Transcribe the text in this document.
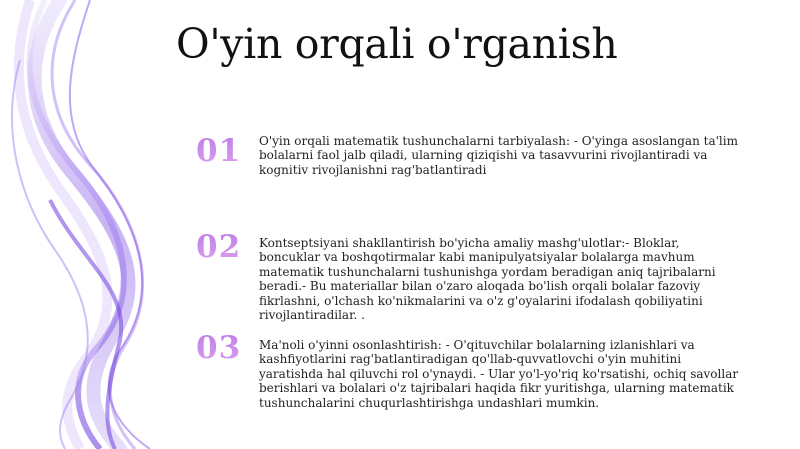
O'yin orqali o'rganish
01 O'yin orqali matematik tushunchalarni tarbiyalash: - O'yinga asoslangan ta'lim bolalarni faol jalb qiladi, ularning qiziqishi va tasavvurini rivojlantiradi va kognitiv rivojlanishni rag'batlantiradi

02 Kontseptsiyani shakllantirish bo'yicha amaliy mashg'ulotlar:- Bloklar, boncuklar va boshqotirmalar kabi manipulyatsiyalar bolalarga mavhum matematik tushunchalarni tushunishga yordam beradigan aniq tajribalarni beradi.- Bu materiallar bilan o'zaro aloqada bo'lish orqali bolalar fazoviy fikrlashni, o'lchash ko'nikmalarini va o'z g'oyalarini ifodalash qobiliyatini rivojlantiradilar. .

03 Ma'noli o'yinni osonlashtirish: - O'qituvchilar bolalarning izlanishlari va kashfiyotlarini rag'batlantiradigan qo'llab-quvvatlovchi o'yin muhitini yaratishda hal qiluvchi rol o'ynaydi. - Ular yo'l-yo'riq ko'rsatishi, ochiq savollar berishlari va bolalari o'z tajribalari haqida fikr yuritishga, ularning matematik tushunchalarini chuqurlashtirishga undashlari mumkin.
